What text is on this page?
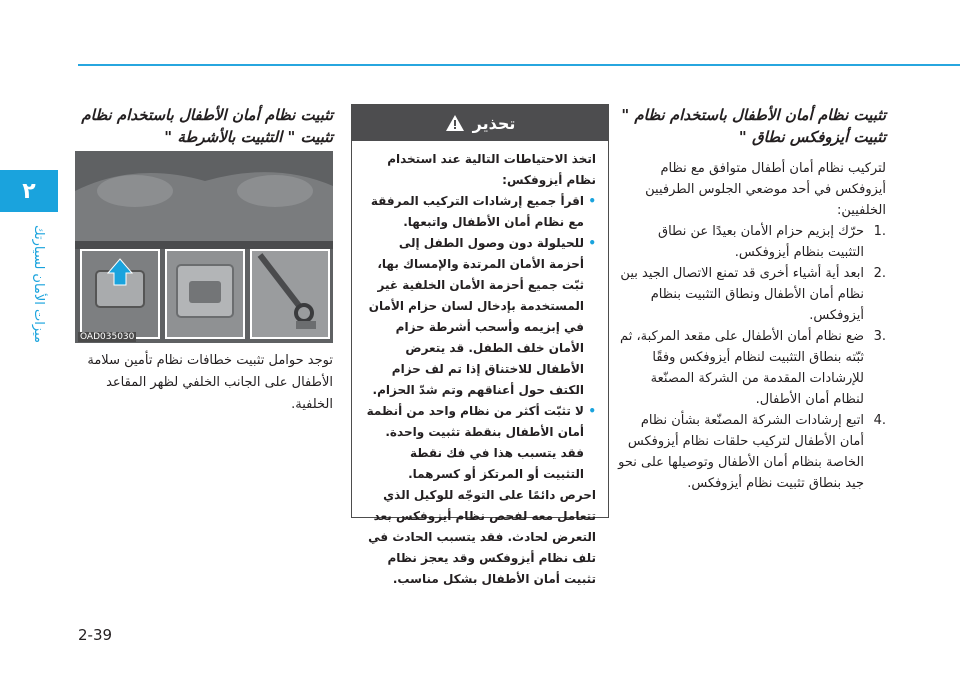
٢
ميزات الأمان لسيارتك

تثبيت نظام أمان الأطفال باستخدام نظام " تثبيت أيزوفكس نطاق "

لتركيب نظام أمان أطفال متوافق مع نظام أيزوفكس في أحد موضعي الجلوس الطرفيين الخلفيين:

.1
حرّك إبزيم حزام الأمان بعيدًا عن نطاق التثبيت بنظام أيزوفكس.
.2
ابعد أية أشياء أخرى قد تمنع الاتصال الجيد بين نظام أمان الأطفال ونطاق التثبيت بنظام أيزوفكس.
.3
ضع نظام أمان الأطفال على مقعد المركبة، ثم ثبّته بنطاق التثبيت لنظام أيزوفكس وفقًا للإرشادات المقدمة من الشركة المصنّعة لنظام أمان الأطفال.
.4
اتبع إرشادات الشركة المصنّعة بشأن نظام أمان الأطفال لتركيب حلقات نظام أيزوفكس الخاصة بنظام أمان الأطفال وتوصيلها على نحو جيد بنطاق تثبيت نظام أيزوفكس.
تحذير

اتخذ الاحتياطات التالية عند استخدام نظام أيزوفكس:

•
اقرأ جميع إرشادات التركيب المرفقة مع نظام أمان الأطفال واتبعها.
•
للحيلولة دون وصول الطفل إلى أحزمة الأمان المرتدة والإمساك بها، ثبّت جميع أحزمة الأمان الخلفية غير المستخدمة بإدخال لسان حزام الأمان في إبزيمه وأسحب أشرطة حزام الأمان خلف الطفل. قد يتعرض الأطفال للاختناق إذا تم لف حزام الكتف حول أعناقهم وتم شدّ الحزام.
•
لا تثبّت أكثر من نظام واحد من أنظمة أمان الأطفال بنقطة تثبيت واحدة. فقد يتسبب هذا في فك نقطة التثبيت أو المرتكز أو كسرهما.

احرص دائمًا على التوجّه للوكيل الذي تتعامل معه لفحص نظام أيزوفكس بعد التعرض لحادث. فقد يتسبب الحادث في تلف نظام أيزوفكس وقد يعجز نظام تثبيت أمان الأطفال بشكل مناسب.

تثبيت نظام أمان الأطفال باستخدام نظام تثبيت " التثبيت بالأشرطة "

OAD035030
توجد حوامل تثبيت خطافات نظام تأمين سلامة الأطفال على الجانب الخلفي لظهر المقاعد الخلفية.
2-39
